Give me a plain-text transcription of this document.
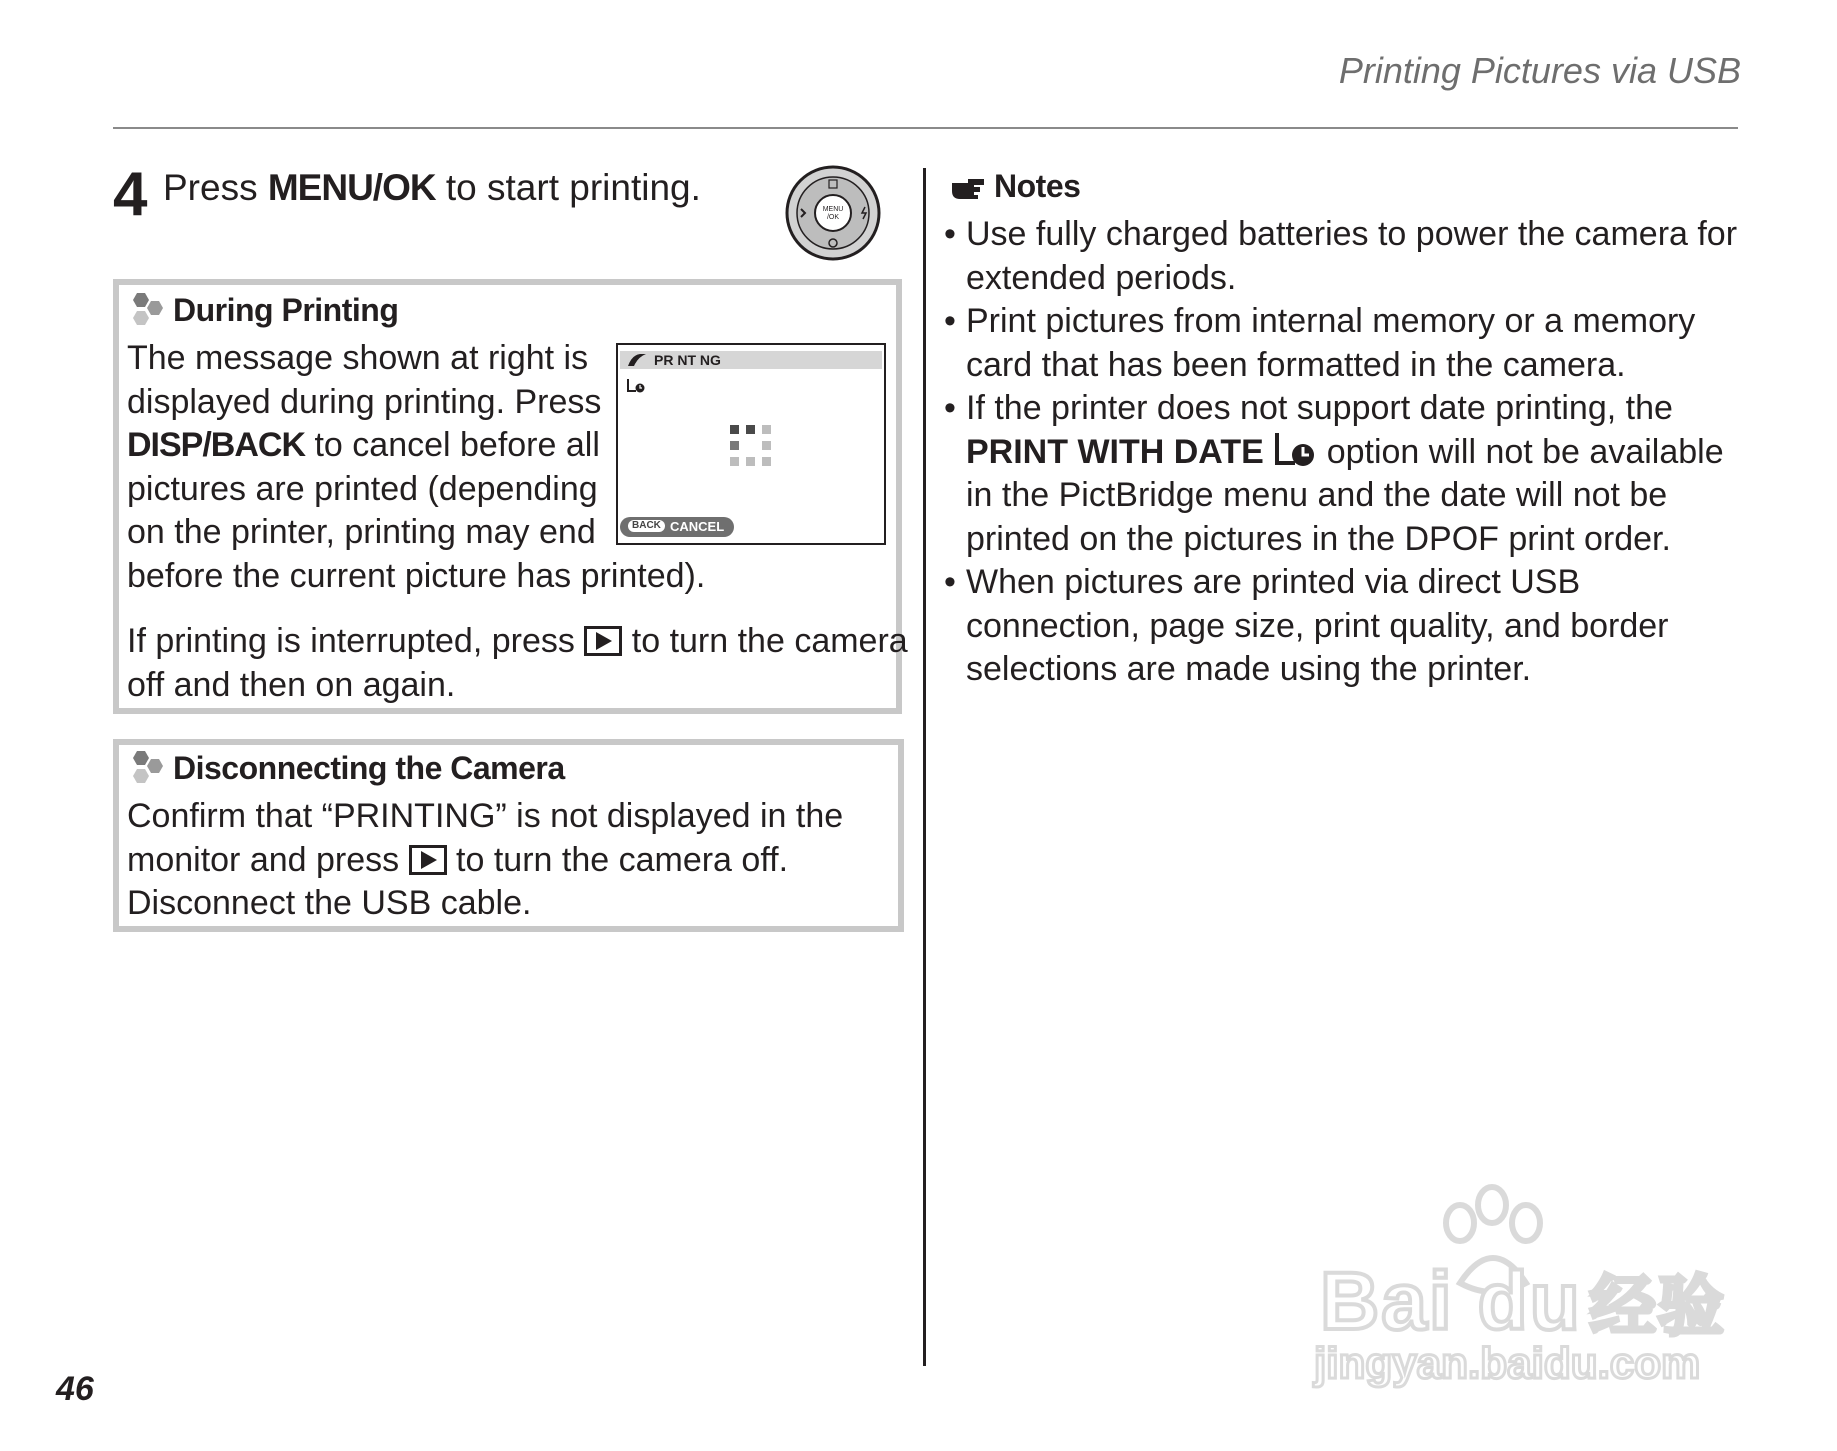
Printing Pictures via USB
4 Press MENU/OK to start printing.
MENU
/OK
During Printing
The message shown at right is
displayed during printing. Press
DISP/BACK to cancel before all
pictures are printed (depending
on the printer, printing may end
before the current picture has printed).
If printing is interrupted, press  to turn the camera
off and then on again.
PR NT NG
BACK CANCEL
Disconnecting the Camera
Confirm that “PRINTING” is not displayed in the
monitor and press  to turn the camera off.
Disconnect the USB cable.
Notes
• Use fully charged batteries to power the camera for extended periods.
• Print pictures from internal memory or a memory card that has been formatted in the camera.
• If the printer does not support date printing, the PRINT WITH DATE  option will not be available in the PictBridge menu and the date will not be printed on the pictures in the DPOF print order.
• When pictures are printed via direct USB connection, page size, print quality, and border selections are made using the printer.
46
Bai du 经验
jingyan.baidu.com
